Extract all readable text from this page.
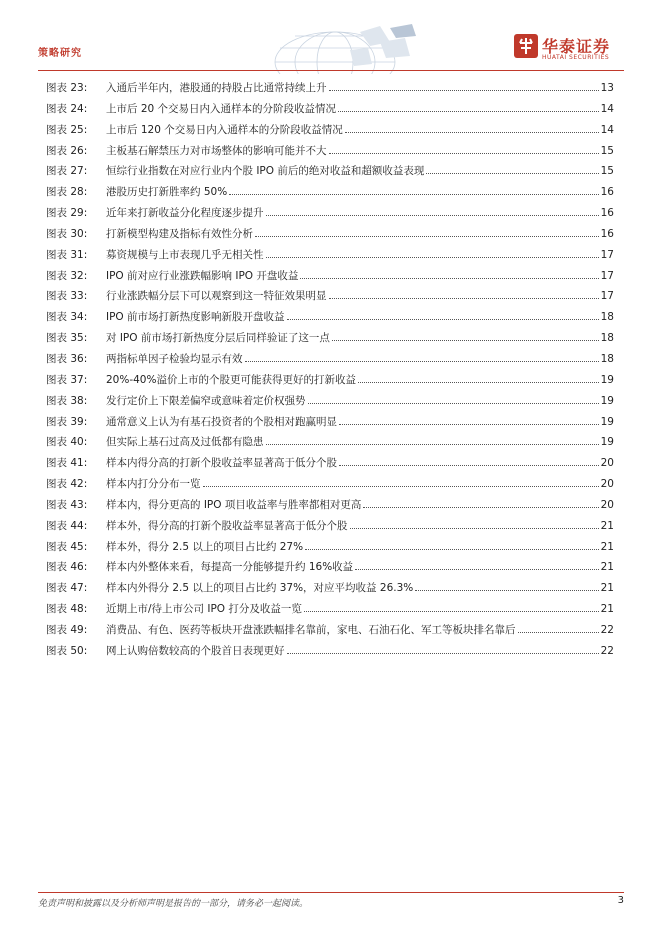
策略研究	华泰证券
HUATAI SECURITIES
图表 23:	入通后半年内，港股通的持股占比通常持续上升	13
图表 24:	上市后 20 个交易日内入通样本的分阶段收益情况	14
图表 25:	上市后 120 个交易日内入通样本的分阶段收益情况	14
图表 26:	主板基石解禁压力对市场整体的影响可能并不大	15
图表 27:	恒综行业指数在对应行业内个股 IPO 前后的绝对收益和超额收益表现	15
图表 28:	港股历史打新胜率约 50%	16
图表 29:	近年来打新收益分化程度逐步提升	16
图表 30:	打新模型构建及指标有效性分析	16
图表 31:	募资规模与上市表现几乎无相关性	17
图表 32:	IPO 前对应行业涨跌幅影响 IPO 开盘收益	17
图表 33:	行业涨跌幅分层下可以观察到这一特征效果明显	17
图表 34:	IPO 前市场打新热度影响新股开盘收益	18
图表 35:	对 IPO 前市场打新热度分层后同样验证了这一点	18
图表 36:	两指标单因子检验均显示有效	18
图表 37:	20%-40%溢价上市的个股更可能获得更好的打新收益	19
图表 38:	发行定价上下限差偏窄或意味着定价权强势	19
图表 39:	通常意义上认为有基石投资者的个股相对跑赢明显	19
图表 40:	但实际上基石过高及过低都有隐患	19
图表 41:	样本内得分高的打新个股收益率显著高于低分个股	20
图表 42:	样本内打分分布一览	20
图表 43:	样本内，得分更高的 IPO 项目收益率与胜率都相对更高	20
图表 44:	样本外，得分高的打新个股收益率显著高于低分个股	21
图表 45:	样本外，得分 2.5 以上的项目占比约 27%	21
图表 46:	样本内外整体来看，每提高一分能够提升约 16%收益	21
图表 47:	样本内外得分 2.5 以上的项目占比约 37%，对应平均收益 26.3%	21
图表 48:	近期上市/待上市公司 IPO 打分及收益一览	21
图表 49:	消费品、有色、医药等板块开盘涨跌幅排名靠前，家电、石油石化、军工等板块排名靠后	22
图表 50:	网上认购倍数较高的个股首日表现更好	22
免责声明和披露以及分析师声明是报告的一部分，请务必一起阅读。	3
